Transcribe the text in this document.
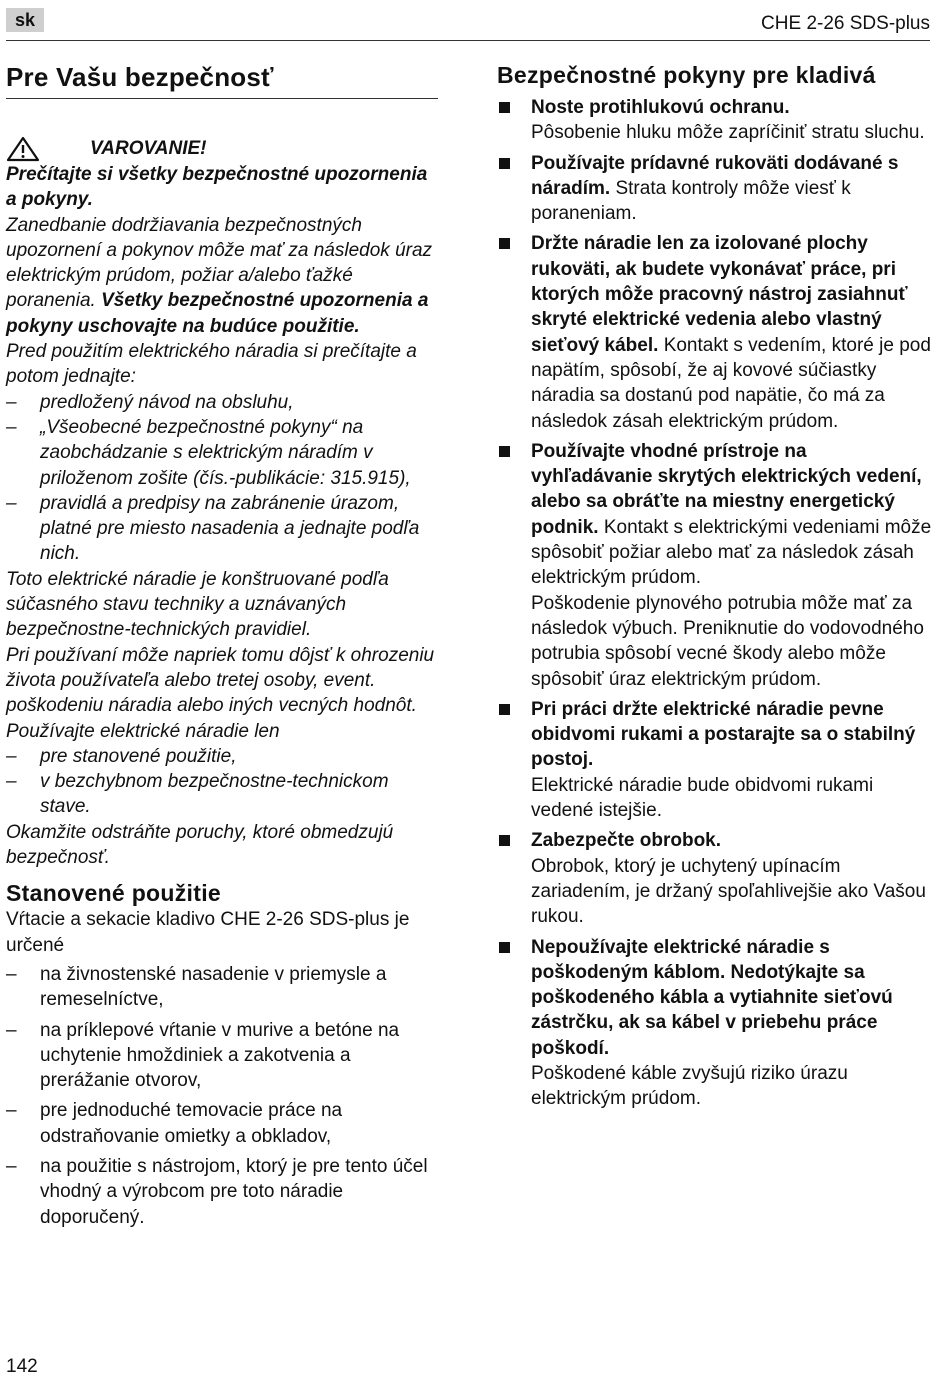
sk	CHE 2-26 SDS-plus
Pre Vašu bezpečnosť
VAROVANIE!

Prečítajte si všetky bezpečnostné upozornenia a pokyny.

Zanedbanie dodržiavania bezpečnostných upozornení a pokynov môže mať za následok úraz elektrickým prúdom, požiar a/alebo ťažké poranenia. Všetky bezpečnostné upozornenia a pokyny uschovajte na budúce použitie.

Pred použitím elektrického náradia si prečítajte a potom jednajte:

– predložený návod na obsluhu,
– „Všeobecné bezpečnostné pokyny“ na zaobchádzanie s elektrickým náradím v priloženom zošite (čís.-publikácie: 315.915),
– pravidlá a predpisy na zabránenie úrazom, platné pre miesto nasadenia a jednajte podľa nich.

Toto elektrické náradie je konštruované podľa súčasného stavu techniky a uznávaných bezpečnostne-technických pravidiel.

Pri používaní môže napriek tomu dôjsť k ohrozeniu života používateľa alebo tretej osoby, event. poškodeniu náradia alebo iných vecných hodnôt. Používajte elektrické náradie len

– pre stanovené použitie,
– v bezchybnom bezpečnostne-technickom stave.

Okamžite odstráňte poruchy, ktoré obmedzujú bezpečnosť.

Stanovené použitie

Vŕtacie a sekacie kladivo CHE 2-26 SDS-plus je určené

– na živnostenské nasadenie v priemysle a remeselníctve,
– na príklepové vŕtanie v murive a betóne na uchytenie hmoždiniek a zakotvenia a prerážanie otvorov,
– pre jednoduché temovacie práce na odstraňovanie omietky a obkladov,
– na použitie s nástrojom, ktorý je pre tento účel vhodný a výrobcom pre toto náradie doporučený.
Bezpečnostné pokyny pre kladivá
Noste protihlukovú ochranu.
Pôsobenie hluku môže zapríčiniť stratu sluchu.
Používajte prídavné rukoväti dodávané s náradím. Strata kontroly môže viesť k poraneniam.
Držte náradie len za izolované plochy rukoväti, ak budete vykonávať práce, pri ktorých môže pracovný nástroj zasiahnuť skryté elektrické vedenia alebo vlastný sieťový kábel. Kontakt s vedením, ktoré je pod napätím, spôsobí, že aj kovové súčiastky náradia sa dostanú pod napätie, čo má za následok zásah elektrickým prúdom.
Používajte vhodné prístroje na vyhľadávanie skrytých elektrických vedení, alebo sa obráťte na miestny energetický podnik. Kontakt s elektrickými vedeniami môže spôsobiť požiar alebo mať za následok zásah elektrickým prúdom.
Poškodenie plynového potrubia môže mať za následok výbuch. Preniknutie do vodovodného potrubia spôsobí vecné škody alebo môže spôsobiť úraz elektrickým prúdom.
Pri práci držte elektrické náradie pevne obidvomi rukami a postarajte sa o stabilný postoj.
Elektrické náradie bude obidvomi rukami vedené istejšie.
Zabezpečte obrobok.
Obrobok, ktorý je uchytený upínacím zariadením, je držaný spoľahlivejšie ako Vašou rukou.
Nepoužívajte elektrické náradie s poškodeným káblom. Nedotýkajte sa poškodeného kábla a vytiahnite sieťovú zástrčku, ak sa kábel v priebehu práce poškodí.
Poškodené káble zvyšujú riziko úrazu elektrickým prúdom.
142
